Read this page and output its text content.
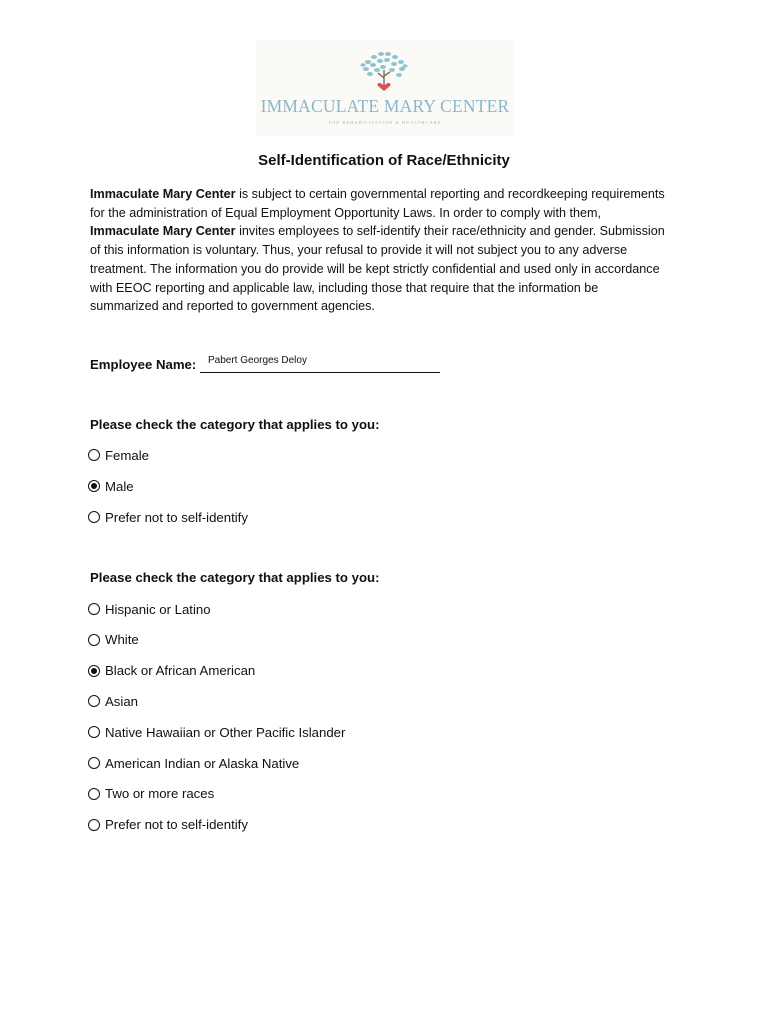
IMMACULATE MARY CENTER
FOR REHABILITATION & HEALTHCARE
Self-Identification of Race/Ethnicity
Immaculate Mary Center is subject to certain governmental reporting and recordkeeping requirements
for the administration of Equal Employment Opportunity Laws. In order to comply with them,
Immaculate Mary Center invites employees to self-identify their race/ethnicity and gender. Submission
of this information is voluntary. Thus, your refusal to provide it will not subject you to any adverse
treatment. The information you do provide will be kept strictly confidential and used only in accordance
with EEOC reporting and applicable law, including those that require that the information be
summarized and reported to government agencies.
Employee Name: Pabert Georges Deloy
Please check the category that applies to you:
Female
Male
Prefer not to self-identify
Please check the category that applies to you:
Hispanic or Latino
White
Black or African American
Asian
Native Hawaiian or Other Pacific Islander
American Indian or Alaska Native
Two or more races
Prefer not to self-identify
